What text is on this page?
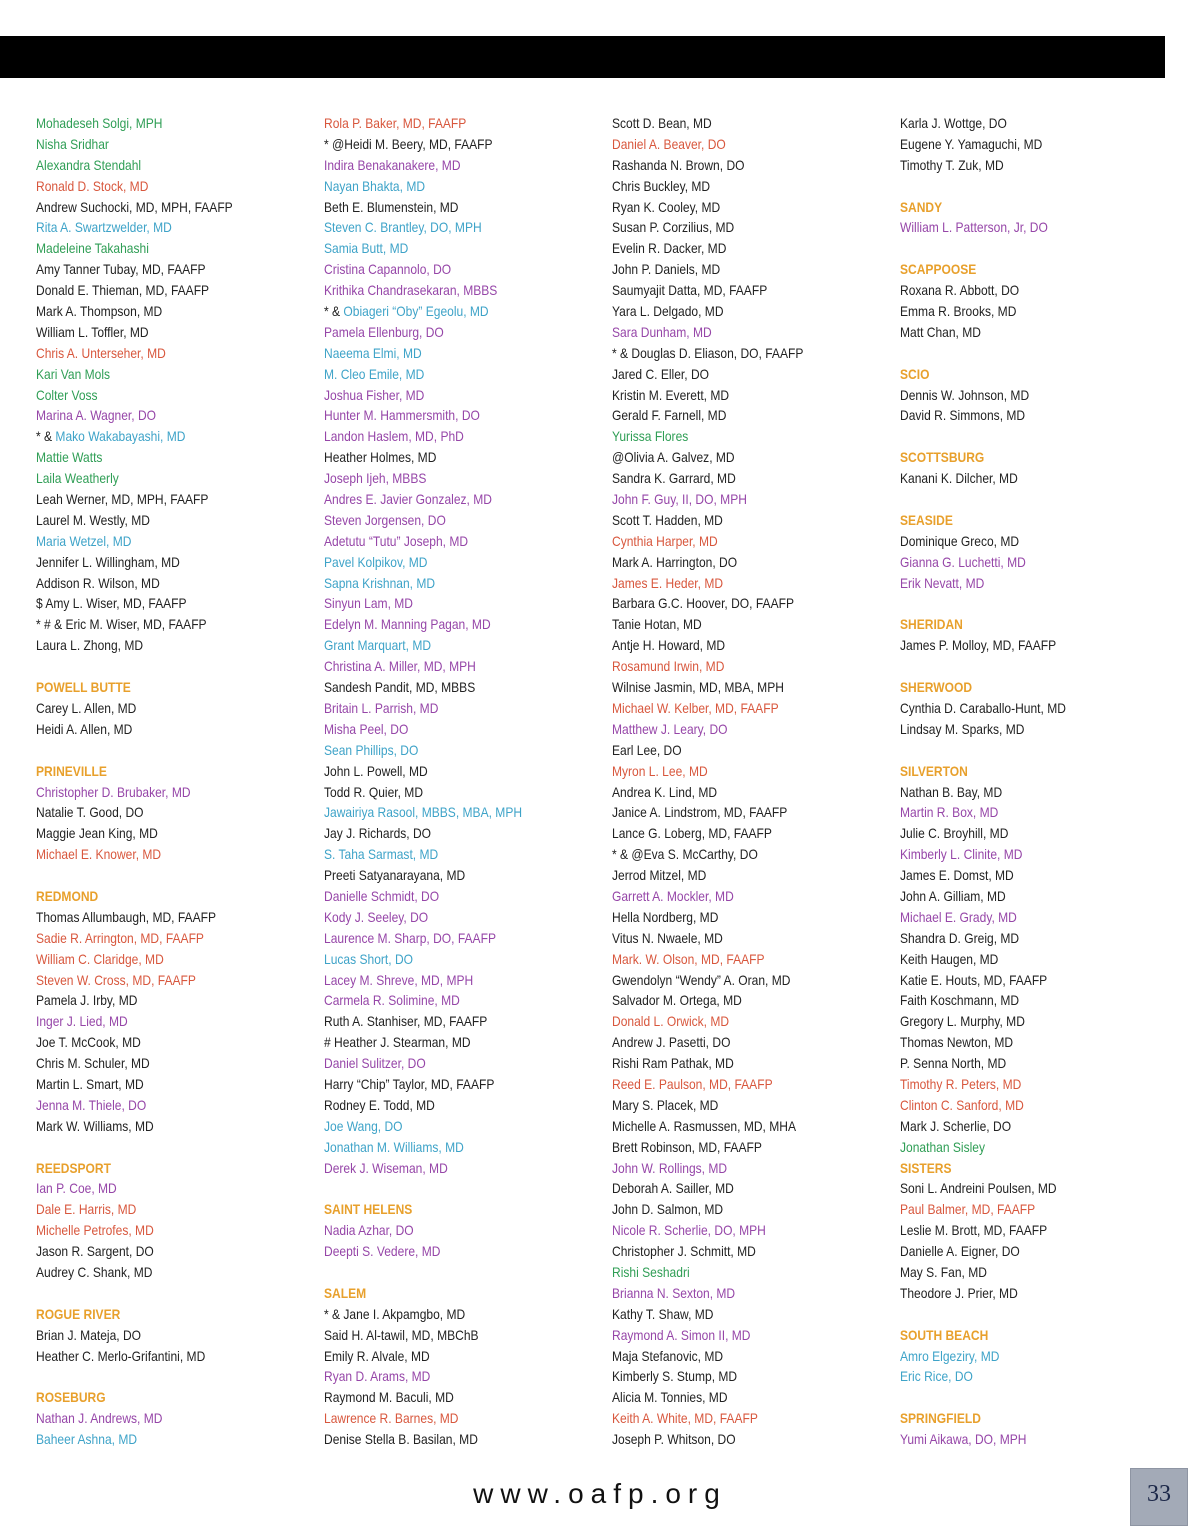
Mohadeseh Solgi, MPH
Nisha Sridhar
Alexandra Stendahl
Ronald D. Stock, MD
Andrew Suchocki, MD, MPH, FAAFP
Rita A. Swartzwelder, MD
Madeleine Takahashi
Amy Tanner Tubay, MD, FAAFP
Donald E. Thieman, MD, FAAFP
Mark A. Thompson, MD
William L. Toffler, MD
Chris A. Unterseher, MD
Kari Van Mols
Colter Voss
Marina A. Wagner, DO
* & Mako Wakabayashi, MD
Mattie Watts
Laila Weatherly
Leah Werner, MD, MPH, FAAFP
Laurel M. Westly, MD
Maria Wetzel, MD
Jennifer L. Willingham, MD
Addison R. Wilson, MD
$ Amy L. Wiser, MD, FAAFP
* # & Eric M. Wiser, MD, FAAFP
Laura L. Zhong, MD
POWELL BUTTE
Carey L. Allen, MD
Heidi A. Allen, MD
PRINEVILLE
Christopher D. Brubaker, MD
Natalie T. Good, DO
Maggie Jean King, MD
Michael E. Knower, MD
REDMOND
Thomas Allumbaugh, MD, FAAFP
Sadie R. Arrington, MD, FAAFP
William C. Claridge, MD
Steven W. Cross, MD, FAAFP
Pamela J. Irby, MD
Inger J. Lied, MD
Joe T. McCook, MD
Chris M. Schuler, MD
Martin L. Smart, MD
Jenna M. Thiele, DO
Mark W. Williams, MD
REEDSPORT
Ian P. Coe, MD
Dale E. Harris, MD
Michelle Petrofes, MD
Jason R. Sargent, DO
Audrey C. Shank, MD
ROGUE RIVER
Brian J. Mateja, DO
Heather C. Merlo-Grifantini, MD
ROSEBURG
Nathan J. Andrews, MD
Baheer Ashna, MD
Rola P. Baker, MD, FAAFP
* @Heidi M. Beery, MD, FAAFP
Indira Benakanakere, MD
Nayan Bhakta, MD
Beth E. Blumenstein, MD
Steven C. Brantley, DO, MPH
Samia Butt, MD
Cristina Capannolo, DO
Krithika Chandrasekaran, MBBS
* & Obiageri “Oby” Egeolu, MD
Pamela Ellenburg, DO
Naeema Elmi, MD
M. Cleo Emile, MD
Joshua Fisher, MD
Hunter M. Hammersmith, DO
Landon Haslem, MD, PhD
Heather Holmes, MD
Joseph Ijeh, MBBS
Andres E. Javier Gonzalez, MD
Steven Jorgensen, DO
Adetutu “Tutu” Joseph, MD
Pavel Kolpikov, MD
Sapna Krishnan, MD
Sinyun Lam, MD
Edelyn M. Manning Pagan, MD
Grant Marquart, MD
Christina A. Miller, MD, MPH
Sandesh Pandit, MD, MBBS
Britain L. Parrish, MD
Misha Peel, DO
Sean Phillips, DO
John L. Powell, MD
Todd R. Quier, MD
Jawairiya Rasool, MBBS, MBA, MPH
Jay J. Richards, DO
S. Taha Sarmast, MD
Preeti Satyanarayana, MD
Danielle Schmidt, DO
Kody J. Seeley, DO
Laurence M. Sharp, DO, FAAFP
Lucas Short, DO
Lacey M. Shreve, MD, MPH
Carmela R. Solimine, MD
Ruth A. Stanhiser, MD, FAAFP
# Heather J. Stearman, MD
Daniel Sulitzer, DO
Harry “Chip” Taylor, MD, FAAFP
Rodney E. Todd, MD
Joe Wang, DO
Jonathan M. Williams, MD
Derek J. Wiseman, MD
SAINT HELENS
Nadia Azhar, DO
Deepti S. Vedere, MD
SALEM
* & Jane I. Akpamgbo, MD
Said H. Al-tawil, MD, MBChB
Emily R. Alvale, MD
Ryan D. Arams, MD
Raymond M. Baculi, MD
Lawrence R. Barnes, MD
Denise Stella B. Basilan, MD
Scott D. Bean, MD
Daniel A. Beaver, DO
Rashanda N. Brown, DO
Chris Buckley, MD
Ryan K. Cooley, MD
Susan P. Corzilius, MD
Evelin R. Dacker, MD
John P. Daniels, MD
Saumyajit Datta, MD, FAAFP
Yara L. Delgado, MD
Sara Dunham, MD
* & Douglas D. Eliason, DO, FAAFP
Jared C. Eller, DO
Kristin M. Everett, MD
Gerald F. Farnell, MD
Yurissa Flores
@Olivia A. Galvez, MD
Sandra K. Garrard, MD
John F. Guy, II, DO, MPH
Scott T. Hadden, MD
Cynthia Harper, MD
Mark A. Harrington, DO
James E. Heder, MD
Barbara G.C. Hoover, DO, FAAFP
Tanie Hotan, MD
Antje H. Howard, MD
Rosamund Irwin, MD
Wilnise Jasmin, MD, MBA, MPH
Michael W. Kelber, MD, FAAFP
Matthew J. Leary, DO
Earl Lee, DO
Myron L. Lee, MD
Andrea K. Lind, MD
Janice A. Lindstrom, MD, FAAFP
Lance G. Loberg, MD, FAAFP
* & @Eva S. McCarthy, DO
Jerrod Mitzel, MD
Garrett A. Mockler, MD
Hella Nordberg, MD
Vitus N. Nwaele, MD
Mark. W. Olson, MD, FAAFP
Gwendolyn “Wendy” A. Oran, MD
Salvador M. Ortega, MD
Donald L. Orwick, MD
Andrew J. Pasetti, DO
Rishi Ram Pathak, MD
Reed E. Paulson, MD, FAAFP
Mary S. Placek, MD
Michelle A. Rasmussen, MD, MHA
Brett Robinson, MD, FAAFP
John W. Rollings, MD
Deborah A. Sailler, MD
John D. Salmon, MD
Nicole R. Scherlie, DO, MPH
Christopher J. Schmitt, MD
Rishi Seshadri
Brianna N. Sexton, MD
Kathy T. Shaw, MD
Raymond A. Simon II, MD
Maja Stefanovic, MD
Kimberly S. Stump, MD
Alicia M. Tonnies, MD
Keith A. White, MD, FAAFP
Joseph P. Whitson, DO
Karla J. Wottge, DO
Eugene Y. Yamaguchi, MD
Timothy T. Zuk, MD
SANDY
William L. Patterson, Jr, DO
SCAPPOOSE
Roxana R. Abbott, DO
Emma R. Brooks, MD
Matt Chan, MD
SCIO
Dennis W. Johnson, MD
David R. Simmons, MD
SCOTTSBURG
Kanani K. Dilcher, MD
SEASIDE
Dominique Greco, MD
Gianna G. Luchetti, MD
Erik Nevatt, MD
SHERIDAN
James P. Molloy, MD, FAAFP
SHERWOOD
Cynthia D. Caraballo-Hunt, MD
Lindsay M. Sparks, MD
SILVERTON
Nathan B. Bay, MD
Martin R. Box, MD
Julie C. Broyhill, MD
Kimberly L. Clinite, MD
James E. Domst, MD
John A. Gilliam, MD
Michael E. Grady, MD
Shandra D. Greig, MD
Keith Haugen, MD
Katie E. Houts, MD, FAAFP
Faith Koschmann, MD
Gregory L. Murphy, MD
Thomas Newton, MD
P. Senna North, MD
Timothy R. Peters, MD
Clinton C. Sanford, MD
Mark J. Scherlie, DO
Jonathan Sisley
SISTERS
Soni L. Andreini Poulsen, MD
Paul Balmer, MD, FAAFP
Leslie M. Brott, MD, FAAFP
Danielle A. Eigner, DO
May S. Fan, MD
Theodore J. Prier, MD
SOUTH BEACH
Amro Elgeziry, MD
Eric Rice, DO
SPRINGFIELD
Yumi Aikawa, DO, MPH
www.oafp.org	33
